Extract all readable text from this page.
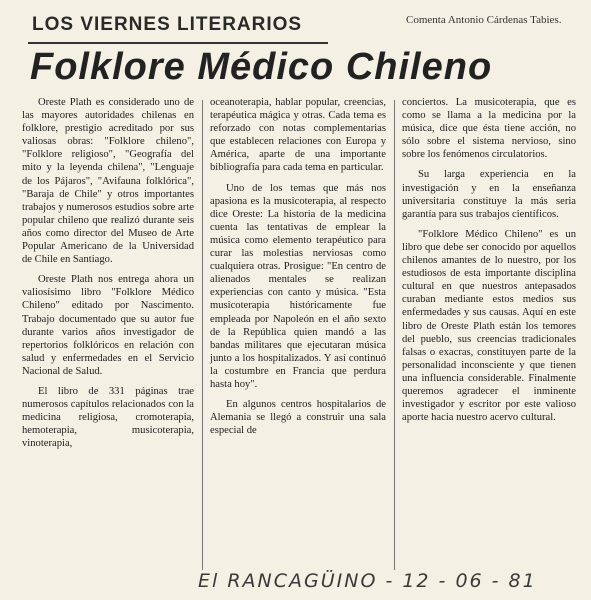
LOS VIERNES LITERARIOS	Comenta Antonio Cárdenas Tabies.
Folklore Médico Chileno

Oreste Plath es considerado uno de las mayores autoridades chilenas en folklore, prestigio acreditado por sus valiosas obras: "Folklore chileno", "Folklore religioso", "Geografía del mito y la leyenda chilena", "Lenguaje de los Pájaros", "Avifauna folklórica", "Baraja de Chile" y otros importantes trabajos y numerosos estudios sobre arte popular chileno que realizó durante seis años como director del Museo de Arte Popular Americano de la Universidad de Chile en Santiago.

Oreste Plath nos entrega ahora un valiosísimo libro "Folklore Médico Chileno" editado por Nascimento. Trabajo documentado que su autor fue durante varios años investigador de repertorios folklóricos en relación con salud y enfermedades en el Servicio Nacional de Salud.

El libro de 331 páginas trae numerosos capítulos relacionados con la medicina religiosa, cromoterapia, hemoterapia, musicoterapia, vinoterapia,

oceanoterapia, hablar popular, creencias, terapéutica mágica y otras. Cada tema es reforzado con notas complementarias que establecen relaciones con Europa y América, aparte de una importante bibliografía para cada tema en particular.

Uno de los temas que más nos apasiona es la musicoterapia, al respecto dice Oreste: La historia de la medicina cuenta las tentativas de emplear la música como elemento terapéutico para curar las molestias nerviosas como cualquiera otras. Prosigue: "En centro de alienados mentales se realizan experiencias con canto y música. "Esta musicoterapia históricamente fue empleada por Napoleón en el año sexto de la República quien mandó a las bandas militares que ejecutaran música junto a los hospitalizados. Y así continuó la costumbre en Francia que perdura hasta hoy".

En algunos centros hospitalarios de Alemania se llegó a construir una sala especial de

conciertos. La musicoterapia, que es como se llama a la medicina por la música, dice que ésta tiene acción, no sólo sobre el sistema nervioso, sino sobre los fenómenos circulatorios.

Su larga experiencia en la investigación y en la enseñanza universitaria constituye la más seria garantía para sus trabajos científicos.

"Folklore Médico Chileno" es un libro que debe ser conocido por aquellos chilenos amantes de lo nuestro, por los estudiosos de esta importante disciplina cultural en que nuestros antepasados curaban mediante estos medios sus enfermedades y sus causas. Aquí en este libro de Oreste Plath están los temores del pueblo, sus creencias tradicionales falsas o exacras, constituyen parte de la personalidad inconsciente y que tienen una influencia considerable. Finalmente queremos agradecer el inminente investigador y escritor por este valioso aporte hacia nuestro acervo cultural.

El RANCAGÜINO - 12 - 06 - 81
